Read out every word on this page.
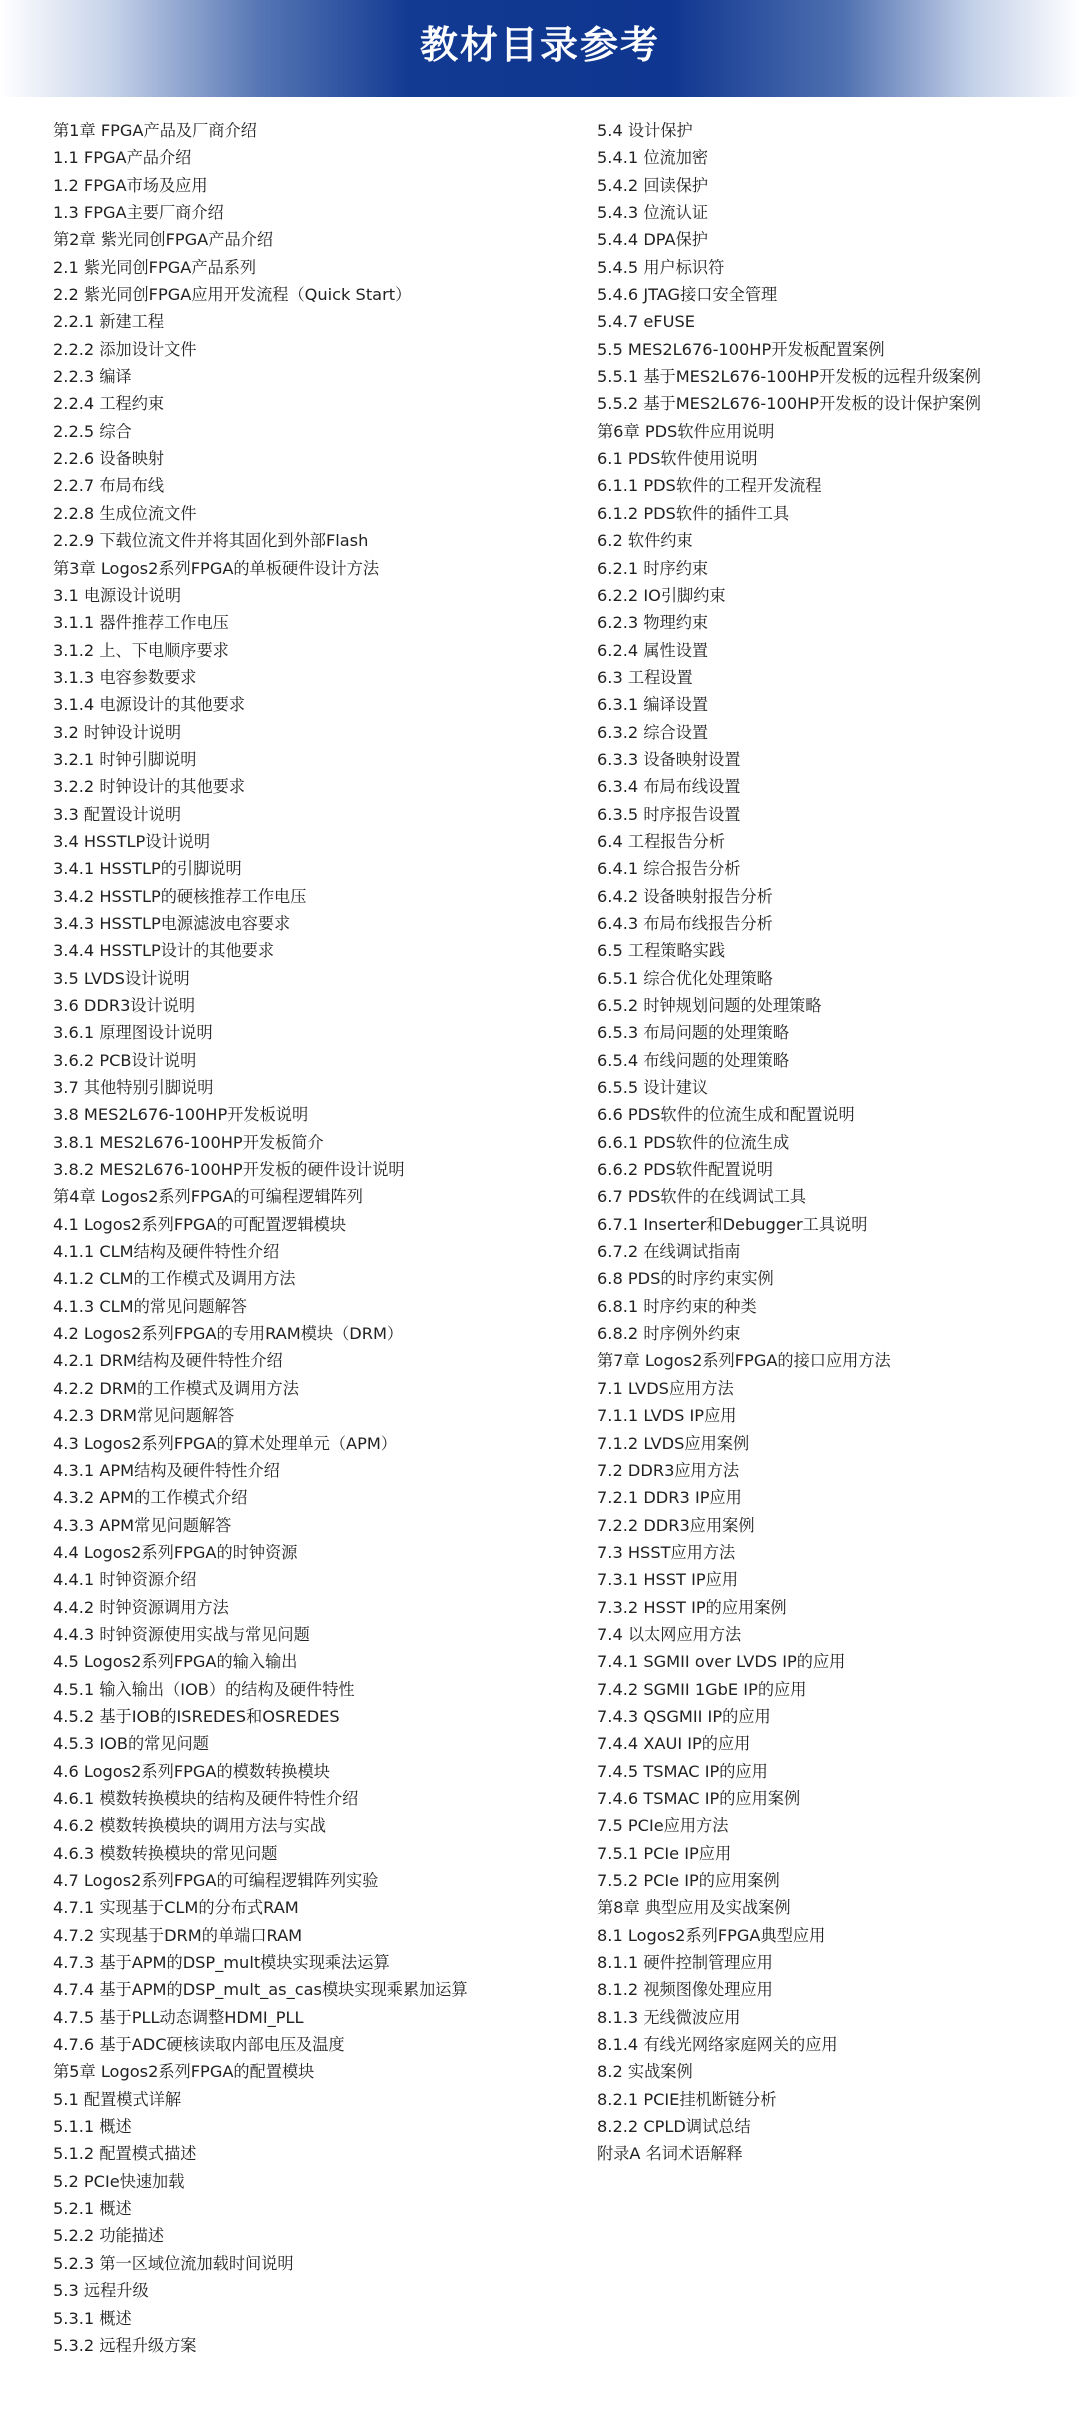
教材目录参考
第1章 FPGA产品及厂商介绍
1.1 FPGA产品介绍
1.2 FPGA市场及应用
1.3 FPGA主要厂商介绍
第2章 紫光同创FPGA产品介绍
2.1 紫光同创FPGA产品系列
2.2 紫光同创FPGA应用开发流程（Quick Start）
2.2.1 新建工程
2.2.2 添加设计文件
2.2.3 编译
2.2.4 工程约束
2.2.5 综合
2.2.6 设备映射
2.2.7 布局布线
2.2.8 生成位流文件
2.2.9 下载位流文件并将其固化到外部Flash
第3章 Logos2系列FPGA的单板硬件设计方法
3.1 电源设计说明
3.1.1 器件推荐工作电压
3.1.2 上、下电顺序要求
3.1.3 电容参数要求
3.1.4 电源设计的其他要求
3.2 时钟设计说明
3.2.1 时钟引脚说明
3.2.2 时钟设计的其他要求
3.3 配置设计说明
3.4 HSSTLP设计说明
3.4.1 HSSTLP的引脚说明
3.4.2 HSSTLP的硬核推荐工作电压
3.4.3 HSSTLP电源滤波电容要求
3.4.4 HSSTLP设计的其他要求
3.5 LVDS设计说明
3.6 DDR3设计说明
3.6.1 原理图设计说明
3.6.2 PCB设计说明
3.7 其他特别引脚说明
3.8 MES2L676-100HP开发板说明
3.8.1 MES2L676-100HP开发板简介
3.8.2 MES2L676-100HP开发板的硬件设计说明
第4章 Logos2系列FPGA的可编程逻辑阵列
4.1 Logos2系列FPGA的可配置逻辑模块
4.1.1 CLM结构及硬件特性介绍
4.1.2 CLM的工作模式及调用方法
4.1.3 CLM的常见问题解答
4.2 Logos2系列FPGA的专用RAM模块（DRM）
4.2.1 DRM结构及硬件特性介绍
4.2.2 DRM的工作模式及调用方法
4.2.3 DRM常见问题解答
4.3 Logos2系列FPGA的算术处理单元（APM）
4.3.1 APM结构及硬件特性介绍
4.3.2 APM的工作模式介绍
4.3.3 APM常见问题解答
4.4 Logos2系列FPGA的时钟资源
4.4.1 时钟资源介绍
4.4.2 时钟资源调用方法
4.4.3 时钟资源使用实战与常见问题
4.5 Logos2系列FPGA的输入输出
4.5.1 输入输出（IOB）的结构及硬件特性
4.5.2 基于IOB的ISREDES和OSREDES
4.5.3 IOB的常见问题
4.6 Logos2系列FPGA的模数转换模块
4.6.1 模数转换模块的结构及硬件特性介绍
4.6.2 模数转换模块的调用方法与实战
4.6.3 模数转换模块的常见问题
4.7 Logos2系列FPGA的可编程逻辑阵列实验
4.7.1 实现基于CLM的分布式RAM
4.7.2 实现基于DRM的单端口RAM
4.7.3 基于APM的DSP_mult模块实现乘法运算
4.7.4 基于APM的DSP_mult_as_cas模块实现乘累加运算
4.7.5 基于PLL动态调整HDMI_PLL
4.7.6 基于ADC硬核读取内部电压及温度
第5章 Logos2系列FPGA的配置模块
5.1 配置模式详解
5.1.1 概述
5.1.2 配置模式描述
5.2 PCIe快速加载
5.2.1 概述
5.2.2 功能描述
5.2.3 第一区域位流加载时间说明
5.3 远程升级
5.3.1 概述
5.3.2 远程升级方案
5.4 设计保护
5.4.1 位流加密
5.4.2 回读保护
5.4.3 位流认证
5.4.4 DPA保护
5.4.5 用户标识符
5.4.6 JTAG接口安全管理
5.4.7 eFUSE
5.5 MES2L676-100HP开发板配置案例
5.5.1 基于MES2L676-100HP开发板的远程升级案例
5.5.2 基于MES2L676-100HP开发板的设计保护案例
第6章 PDS软件应用说明
6.1 PDS软件使用说明
6.1.1 PDS软件的工程开发流程
6.1.2 PDS软件的插件工具
6.2 软件约束
6.2.1 时序约束
6.2.2 IO引脚约束
6.2.3 物理约束
6.2.4 属性设置
6.3 工程设置
6.3.1 编译设置
6.3.2 综合设置
6.3.3 设备映射设置
6.3.4 布局布线设置
6.3.5 时序报告设置
6.4 工程报告分析
6.4.1 综合报告分析
6.4.2 设备映射报告分析
6.4.3 布局布线报告分析
6.5 工程策略实践
6.5.1 综合优化处理策略
6.5.2 时钟规划问题的处理策略
6.5.3 布局问题的处理策略
6.5.4 布线问题的处理策略
6.5.5 设计建议
6.6 PDS软件的位流生成和配置说明
6.6.1 PDS软件的位流生成
6.6.2 PDS软件配置说明
6.7 PDS软件的在线调试工具
6.7.1 Inserter和Debugger工具说明
6.7.2 在线调试指南
6.8 PDS的时序约束实例
6.8.1 时序约束的种类
6.8.2 时序例外约束
第7章 Logos2系列FPGA的接口应用方法
7.1 LVDS应用方法
7.1.1 LVDS IP应用
7.1.2 LVDS应用案例
7.2 DDR3应用方法
7.2.1 DDR3 IP应用
7.2.2 DDR3应用案例
7.3 HSST应用方法
7.3.1 HSST IP应用
7.3.2 HSST IP的应用案例
7.4 以太网应用方法
7.4.1 SGMII over LVDS IP的应用
7.4.2 SGMII 1GbE IP的应用
7.4.3 QSGMII IP的应用
7.4.4 XAUI IP的应用
7.4.5 TSMAC IP的应用
7.4.6 TSMAC IP的应用案例
7.5 PCIe应用方法
7.5.1 PCIe IP应用
7.5.2 PCIe IP的应用案例
第8章 典型应用及实战案例
8.1 Logos2系列FPGA典型应用
8.1.1 硬件控制管理应用
8.1.2 视频图像处理应用
8.1.3 无线微波应用
8.1.4 有线光网络家庭网关的应用
8.2 实战案例
8.2.1 PCIE挂机断链分析
8.2.2 CPLD调试总结
附录A 名词术语解释
